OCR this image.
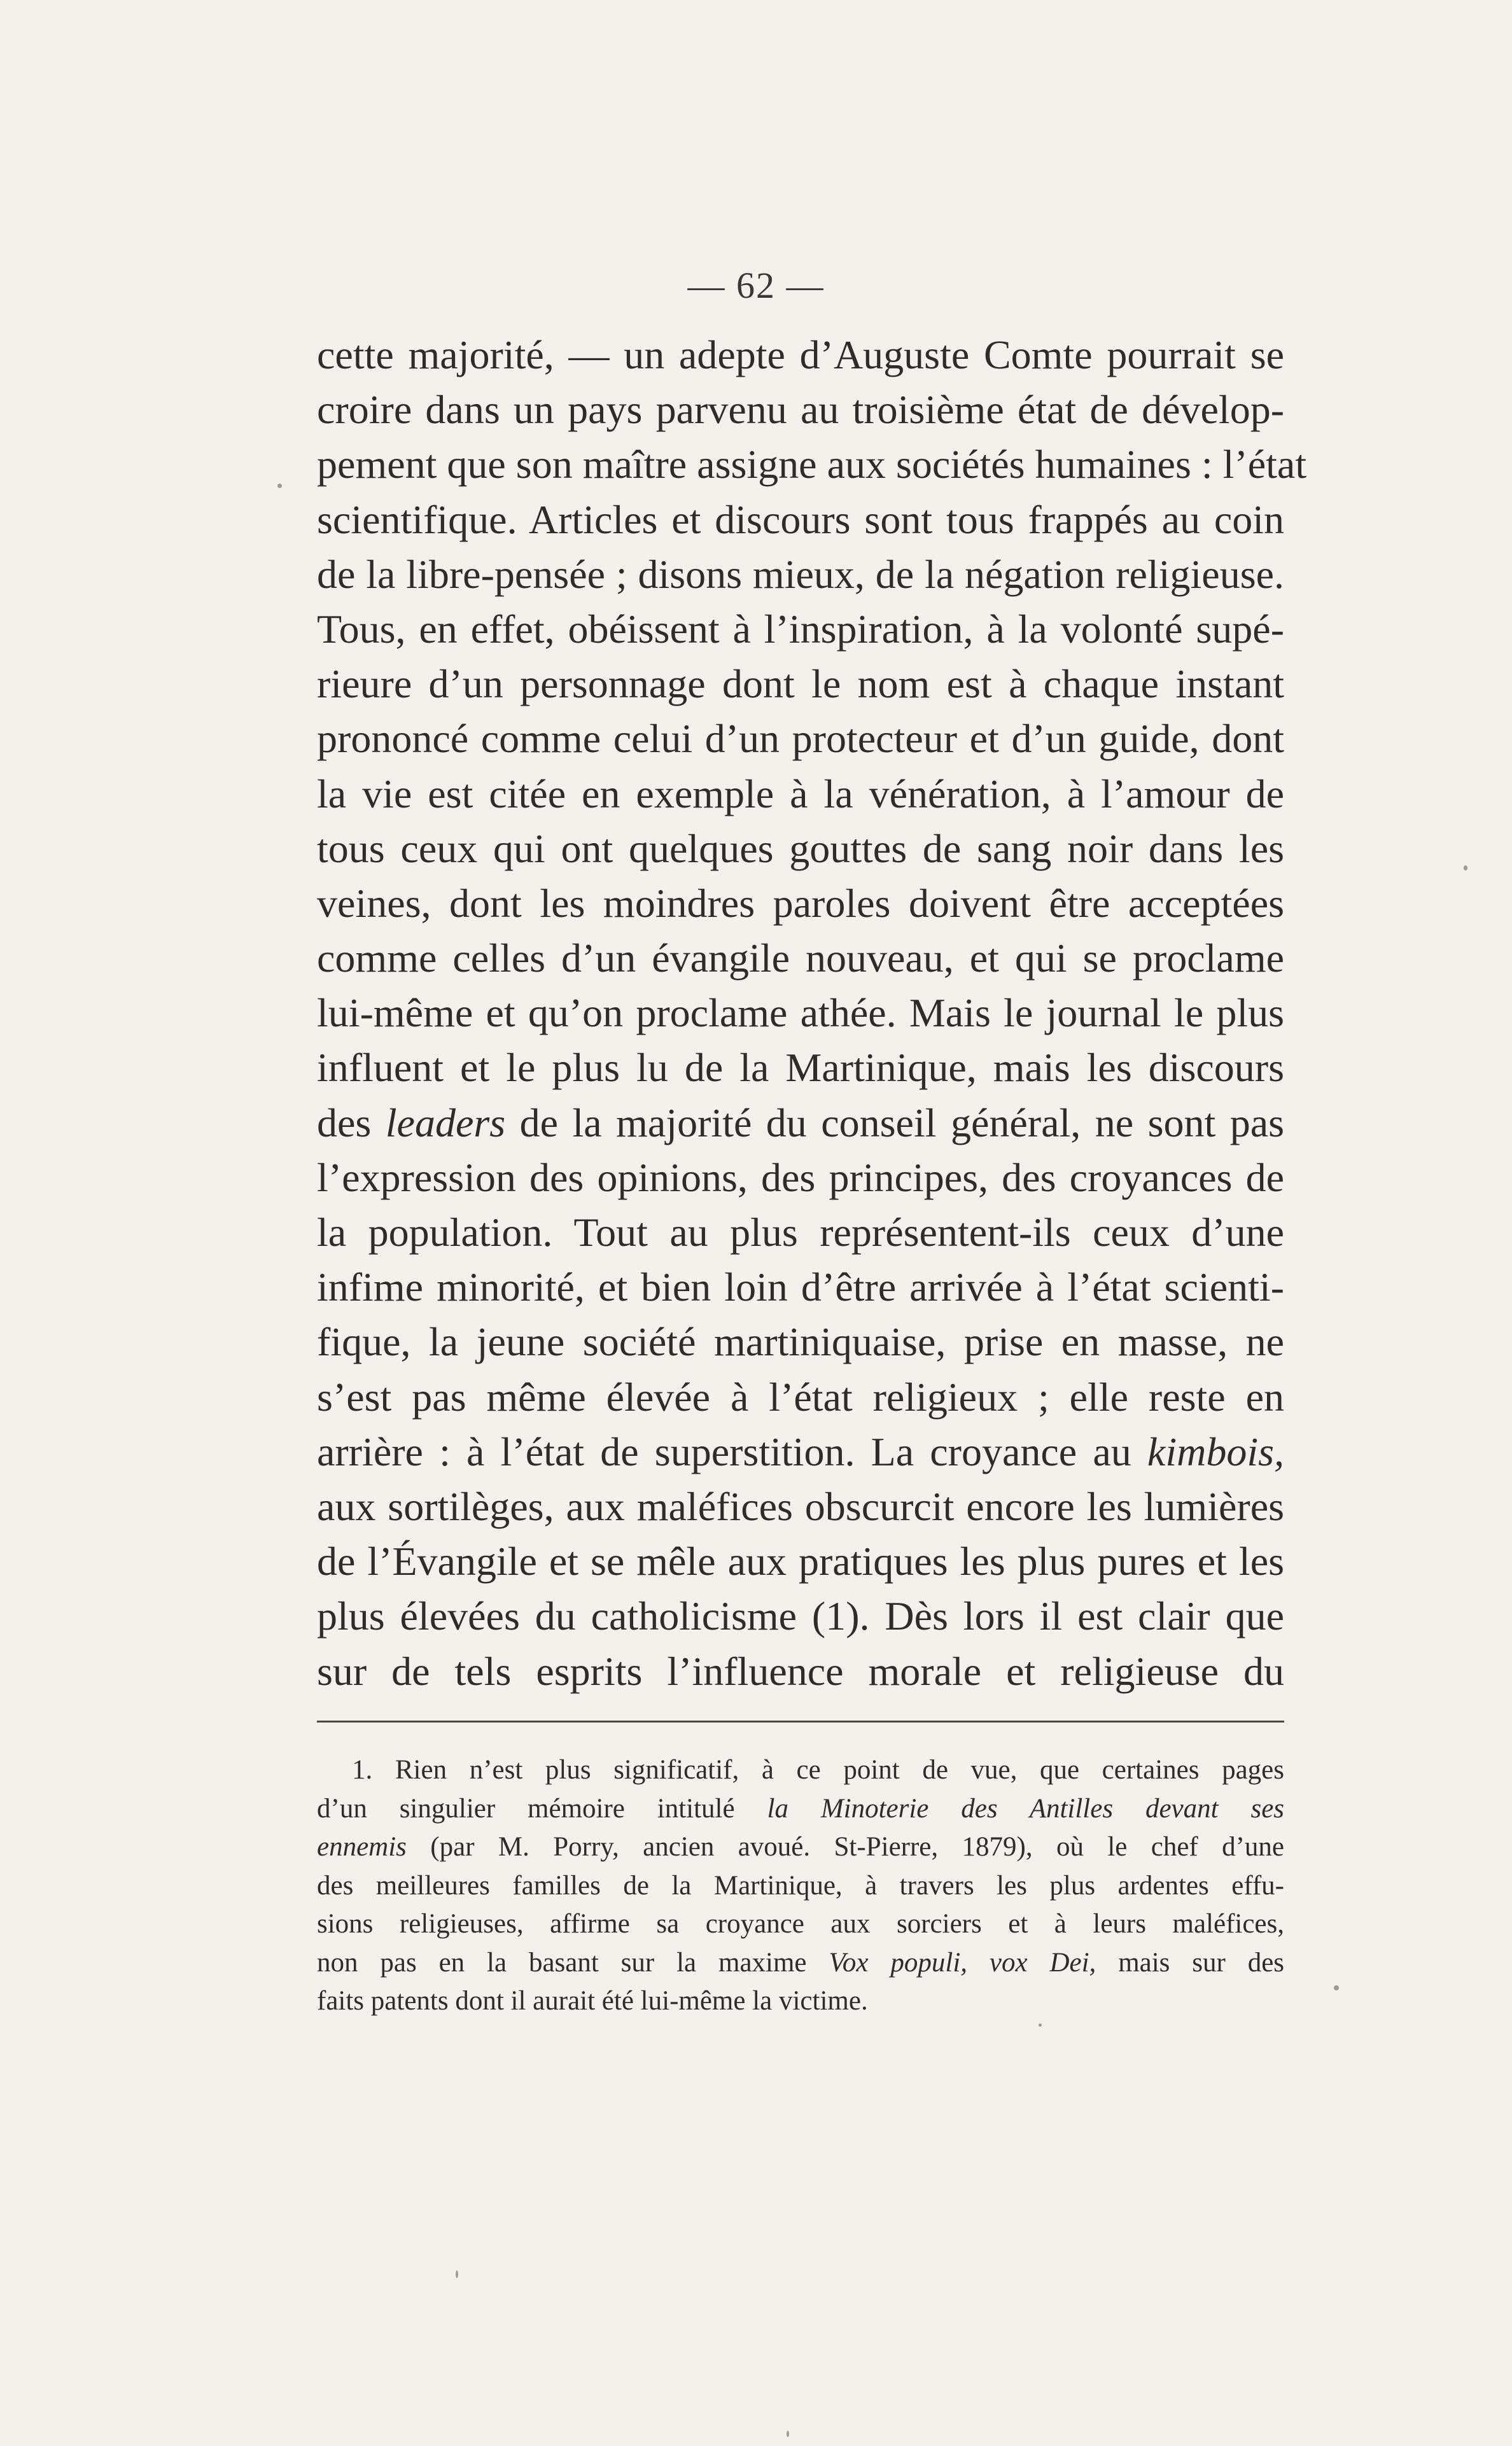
— 62 —
cette majorité, — un adepte d’Auguste Comte pourrait se
croire dans un pays parvenu au troisième état de dévelop-
pement que son maître assigne aux sociétés humaines : l’état
scientifique. Articles et discours sont tous frappés au coin
de la libre-pensée ; disons mieux, de la négation religieuse.
Tous, en effet, obéissent à l’inspiration, à la volonté supé-
rieure d’un personnage dont le nom est à chaque instant
prononcé comme celui d’un protecteur et d’un guide, dont
la vie est citée en exemple à la vénération, à l’amour de
tous ceux qui ont quelques gouttes de sang noir dans les
veines, dont les moindres paroles doivent être acceptées
comme celles d’un évangile nouveau, et qui se proclame
lui-même et qu’on proclame athée. Mais le journal le plus
influent et le plus lu de la Martinique, mais les discours
des leaders de la majorité du conseil général, ne sont pas
l’expression des opinions, des principes, des croyances de
la population. Tout au plus représentent-ils ceux d’une
infime minorité, et bien loin d’être arrivée à l’état scienti-
fique, la jeune société martiniquaise, prise en masse, ne
s’est pas même élevée à l’état religieux ; elle reste en
arrière : à l’état de superstition. La croyance au kimbois,
aux sortilèges, aux maléfices obscurcit encore les lumières
de l’Évangile et se mêle aux pratiques les plus pures et les
plus élevées du catholicisme (1). Dès lors il est clair que
sur de tels esprits l’influence morale et religieuse du
1. Rien n’est plus significatif, à ce point de vue, que certaines pages
d’un singulier mémoire intitulé la Minoterie des Antilles devant ses
ennemis (par M. Porry, ancien avoué. St-Pierre, 1879), où le chef d’une
des meilleures familles de la Martinique, à travers les plus ardentes effu-
sions religieuses, affirme sa croyance aux sorciers et à leurs maléfices,
non pas en la basant sur la maxime Vox populi, vox Dei, mais sur des
faits patents dont il aurait été lui-même la victime.
